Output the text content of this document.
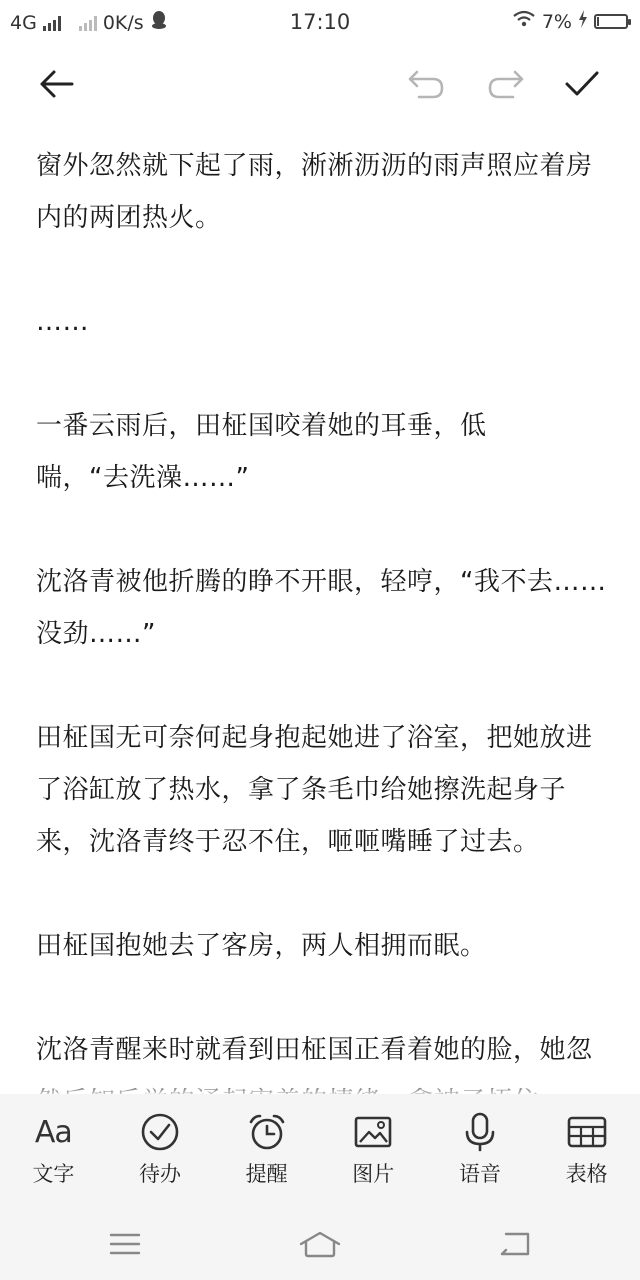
4G	0K/s	17:10	7%

窗外忽然就下起了雨，淅淅沥沥的雨声照应着房内的两团热火。

……

一番云雨后，田柾国咬着她的耳垂，低
喘，“去洗澡……”

沈洛青被他折腾的睁不开眼，轻哼，“我不去……没劲……”

田柾国无可奈何起身抱起她进了浴室，把她放进了浴缸放了热水，拿了条毛巾给她擦洗起身子来，沈洛青终于忍不住，咂咂嘴睡了过去。

田柾国抱她去了客房，两人相拥而眠。

沈洛青醒来时就看到田柾国正看着她的脸，她忽

Aa
文字	待办	提醒	图片	语音	表格
